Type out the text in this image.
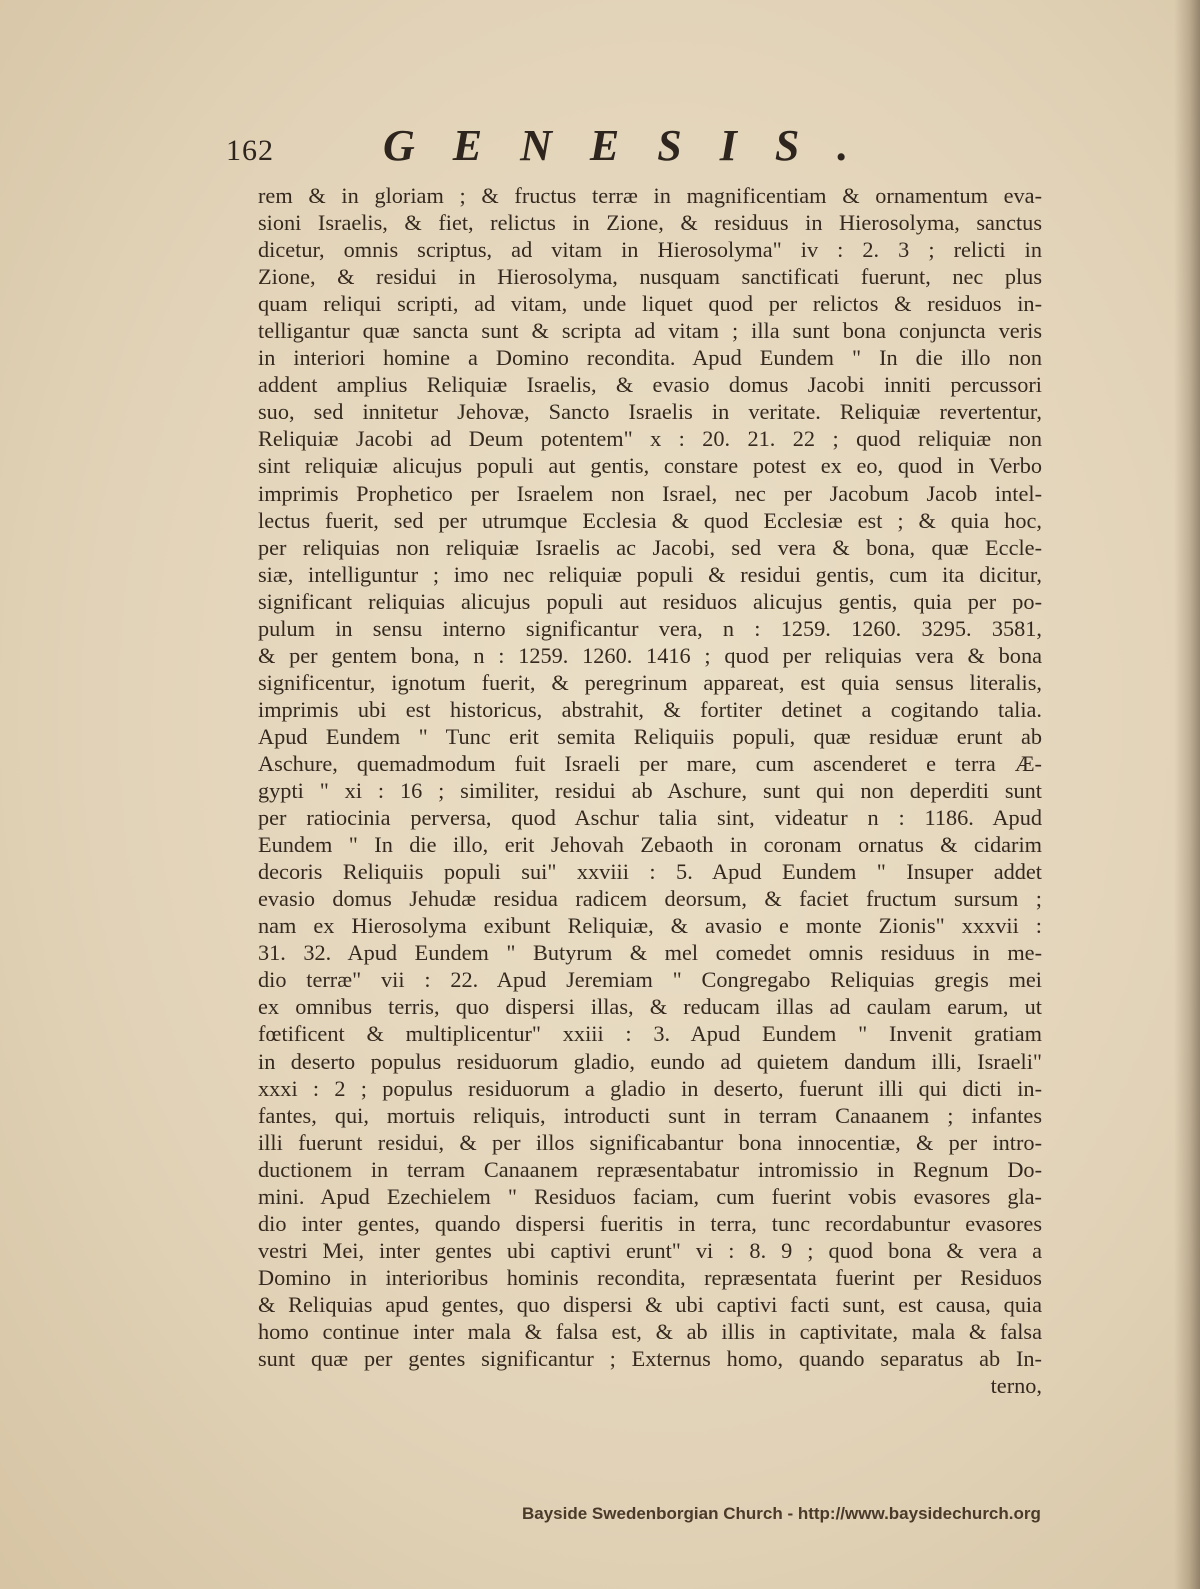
162 GENESIS.
rem & in gloriam ; & fructus terræ in magnificentiam & ornamentum eva-
sioni Israelis, & fiet, relictus in Zione, & residuus in Hierosolyma, sanctus
dicetur, omnis scriptus, ad vitam in Hierosolyma" iv : 2. 3 ; relicti in
Zione, & residui in Hierosolyma, nusquam sanctificati fuerunt, nec plus
quam reliqui scripti, ad vitam, unde liquet quod per relictos & residuos in-
telligantur quæ sancta sunt & scripta ad vitam ; illa sunt bona conjuncta veris
in interiori homine a Domino recondita. Apud Eundem " In die illo non
addent amplius Reliquiæ Israelis, & evasio domus Jacobi inniti percussori
suo, sed innitetur Jehovæ, Sancto Israelis in veritate. Reliquiæ revertentur,
Reliquiæ Jacobi ad Deum potentem" x : 20. 21. 22 ; quod reliquiæ non
sint reliquiæ alicujus populi aut gentis, constare potest ex eo, quod in Verbo
imprimis Prophetico per Israelem non Israel, nec per Jacobum Jacob intel-
lectus fuerit, sed per utrumque Ecclesia & quod Ecclesiæ est ; & quia hoc,
per reliquias non reliquiæ Israelis ac Jacobi, sed vera & bona, quæ Eccle-
siæ, intelliguntur ; imo nec reliquiæ populi & residui gentis, cum ita dicitur,
significant reliquias alicujus populi aut residuos alicujus gentis, quia per po-
pulum in sensu interno significantur vera, n : 1259. 1260. 3295. 3581,
& per gentem bona, n : 1259. 1260. 1416 ; quod per reliquias vera & bona
significentur, ignotum fuerit, & peregrinum appareat, est quia sensus literalis,
imprimis ubi est historicus, abstrahit, & fortiter detinet a cogitando talia.
Apud Eundem " Tunc erit semita Reliquiis populi, quæ residuæ erunt ab
Aschure, quemadmodum fuit Israeli per mare, cum ascenderet e terra Æ-
gypti " xi : 16 ; similiter, residui ab Aschure, sunt qui non deperditi sunt
per ratiocinia perversa, quod Aschur talia sint, videatur n : 1186. Apud
Eundem " In die illo, erit Jehovah Zebaoth in coronam ornatus & cidarim
decoris Reliquiis populi sui" xxviii : 5. Apud Eundem " Insuper addet
evasio domus Jehudæ residua radicem deorsum, & faciet fructum sursum ;
nam ex Hierosolyma exibunt Reliquiæ, & avasio e monte Zionis" xxxvii :
31. 32. Apud Eundem " Butyrum & mel comedet omnis residuus in me-
dio terræ" vii : 22. Apud Jeremiam " Congregabo Reliquias gregis mei
ex omnibus terris, quo dispersi illas, & reducam illas ad caulam earum, ut
fœtificent & multiplicentur" xxiii : 3. Apud Eundem " Invenit gratiam
in deserto populus residuorum gladio, eundo ad quietem dandum illi, Israeli"
xxxi : 2 ; populus residuorum a gladio in deserto, fuerunt illi qui dicti in-
fantes, qui, mortuis reliquis, introducti sunt in terram Canaanem ; infantes
illi fuerunt residui, & per illos significabantur bona innocentiæ, & per intro-
ductionem in terram Canaanem repræsentabatur intromissio in Regnum Do-
mini. Apud Ezechielem " Residuos faciam, cum fuerint vobis evasores gla-
dio inter gentes, quando dispersi fueritis in terra, tunc recordabuntur evasores
vestri Mei, inter gentes ubi captivi erunt" vi : 8. 9 ; quod bona & vera a
Domino in interioribus hominis recondita, repræsentata fuerint per Residuos
& Reliquias apud gentes, quo dispersi & ubi captivi facti sunt, est causa, quia
homo continue inter mala & falsa est, & ab illis in captivitate, mala & falsa
sunt quæ per gentes significantur ; Externus homo, quando separatus ab In-
terno,
Bayside Swedenborgian Church - http://www.baysidechurch.org
